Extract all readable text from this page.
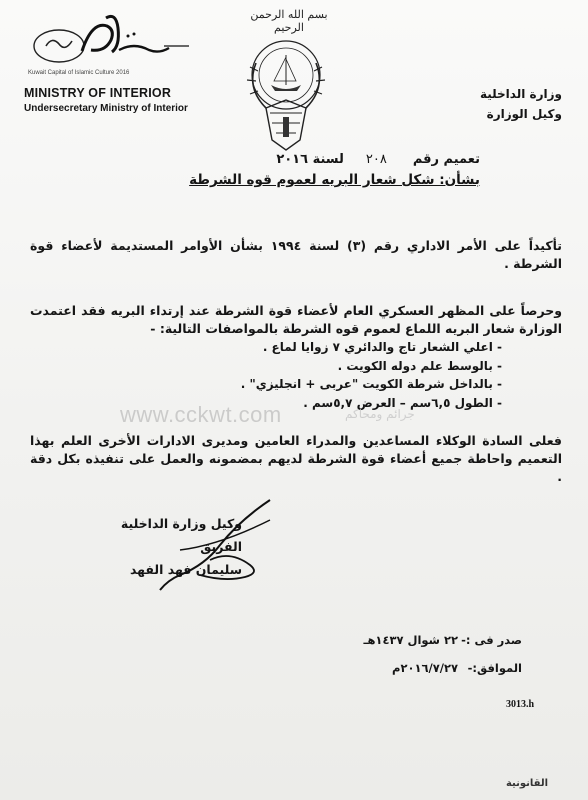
بسم الله الرحمن الرحيم
Kuwait Capital of Islamic Culture 2016
MINISTRY OF INTERIOR
Undersecretary Ministry of Interior
وزارة الداخلية
وكيل الوزارة
تعميم رقم٢٠٨لسنة ٢٠١٦
بشأن: شكل شعار البريه لعموم قوه الشرطة
تأكيداً على الأمر الاداري رقم (٣) لسنة ١٩٩٤ بشأن الأوامر المستديمة لأعضاء قوة الشرطة .
وحرصاً على المظهر العسكري العام لأعضاء قوة الشرطة عند إرتداء البريه فقد اعتمدت الوزارة شعار البريه اللماع لعموم قوه الشرطة بالمواصفات التالية: -
- اعلي الشعار تاج والدائري ٧ زوايا لماع .
- بالوسط علم دوله الكويت .
- بالداخل شرطة الكويت "عربى + انجليزي" .
- الطول ٦,٥سم – العرض ٥,٧سم .
www.cckwt.com	جرائم ومحاكم
فعلى السادة الوكلاء المساعدين والمدراء العامين ومديرى الادارات الأخرى العلم بهذا التعميم واحاطة جميع أعضاء قوة الشرطة لديهم بمضمونه والعمل على تنفيذه بكل دقة .
وكيل وزارة الداخلية
الفريق
سليمان فهد الفهد
صدر فى :-٢٢ شوال ١٤٣٧هـ
الموافق:-٢٠١٦/٧/٢٧م
3013.h
القانونية
